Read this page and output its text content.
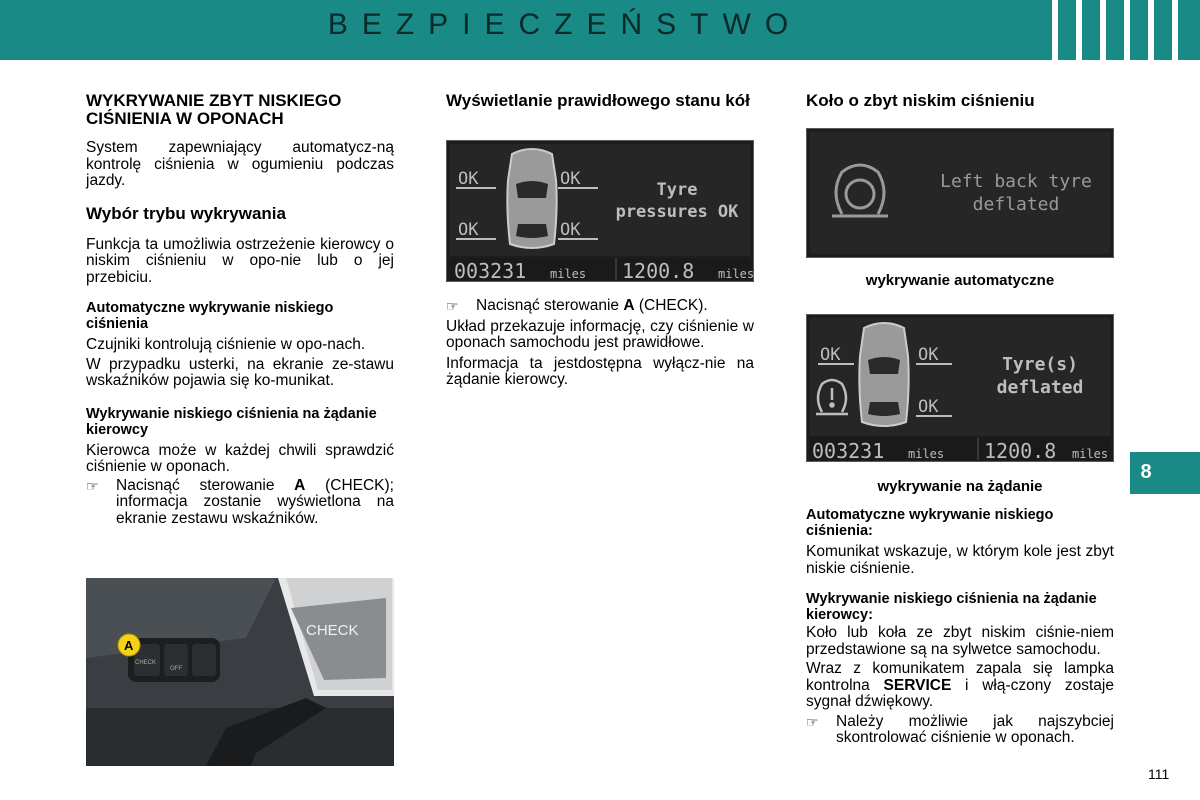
BEZPIECZEŃSTWO
WYKRYWANIE ZBYT NISKIEGO CIŚNIENIA W OPONACH

System zapewniający automatycz-ną kontrolę ciśnienia w ogumieniu podczas jazdy.

Wybór trybu wykrywania

Funkcja ta umożliwia ostrzeżenie kierowcy o niskim ciśnieniu w opo-nie lub o jej przebiciu.

Automatyczne wykrywanie niskiego ciśnienia

Czujniki kontrolują ciśnienie w opo-nach.

W przypadku usterki, na ekranie ze-stawu wskaźników pojawia się ko-munikat.

Wykrywanie niskiego ciśnienia na żądanie kierowcy

Kierowca może w każdej chwili sprawdzić ciśnienie w oponach.

☞ Nacisnąć sterowanie A (CHECK); informacja zostanie wyświetlona na ekranie zestawu wskaźników.
CHECK
CHECK
OFF
A
Wyświetlanie prawidłowego stanu kół
OK	OK
OK	OK
Tyre
pressures OK
003231 miles 1200.8 miles
☞ Nacisnąć sterowanie A (CHECK).

Układ przekazuje informację, czy ciśnienie w oponach samochodu jest prawidłowe.

Informacja ta jestdostępna wyłącz-nie na żądanie kierowcy.

Koło o zbyt niskim ciśnieniu
Left back tyre
deflated
wykrywanie automatyczne
OK	OK
OK
Tyre(s)
deflated
003231 miles 1200.8 miles
wykrywanie na żądanie
Automatyczne wykrywanie niskiego ciśnienia:

Komunikat wskazuje, w którym kole jest zbyt niskie ciśnienie.

Wykrywanie niskiego ciśnienia na żądanie kierowcy:

Koło lub koła ze zbyt niskim ciśnie-niem przedstawione są na sylwetce samochodu.

Wraz z komunikatem zapala się lampka kontrolna SERVICE i włą-czony zostaje sygnał dźwiękowy.

☞ Należy możliwie jak najszybciej skontrolować ciśnienie w oponach.
8
111
